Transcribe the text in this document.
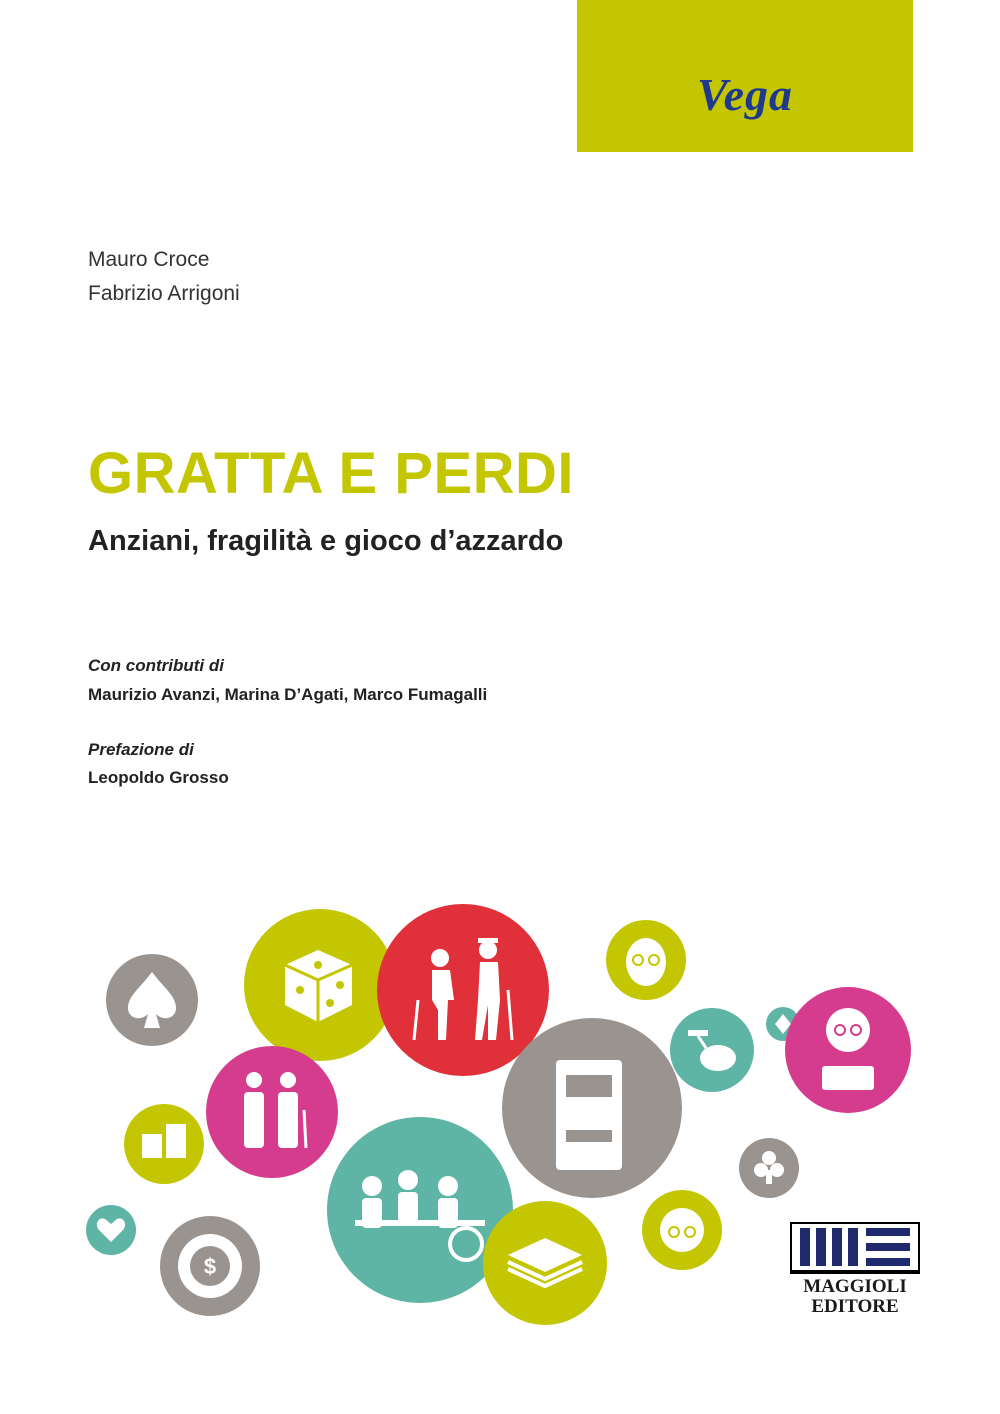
Vega
Mauro Croce
Fabrizio Arrigoni
GRATTA E PERDI
Anziani, fragilità e gioco d’azzardo
Con contributi di
Maurizio Avanzi, Marina D’Agati, Marco Fumagalli
Prefazione di
Leopoldo Grosso
$
MAGGIOLI
EDITORE
